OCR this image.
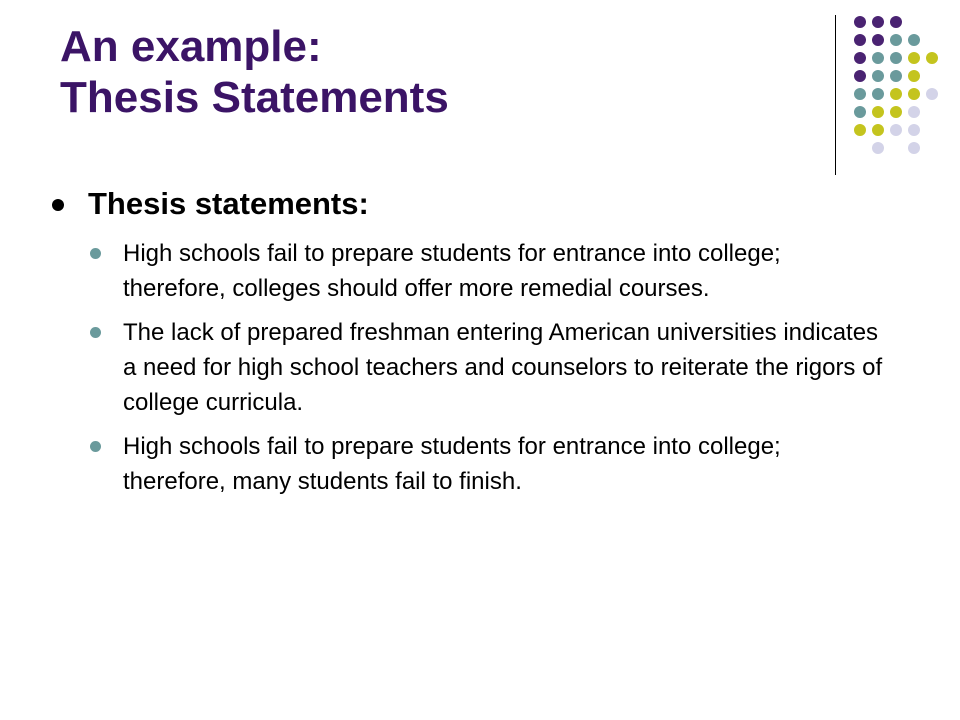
An example:
Thesis Statements
Thesis statements:
High schools fail to prepare students for entrance into college; therefore, colleges should offer more remedial courses.
The lack of prepared freshman entering American universities indicates a need for high school teachers and counselors to reiterate the rigors of college curricula.
High schools fail to prepare students for entrance into college; therefore, many students fail to finish.
